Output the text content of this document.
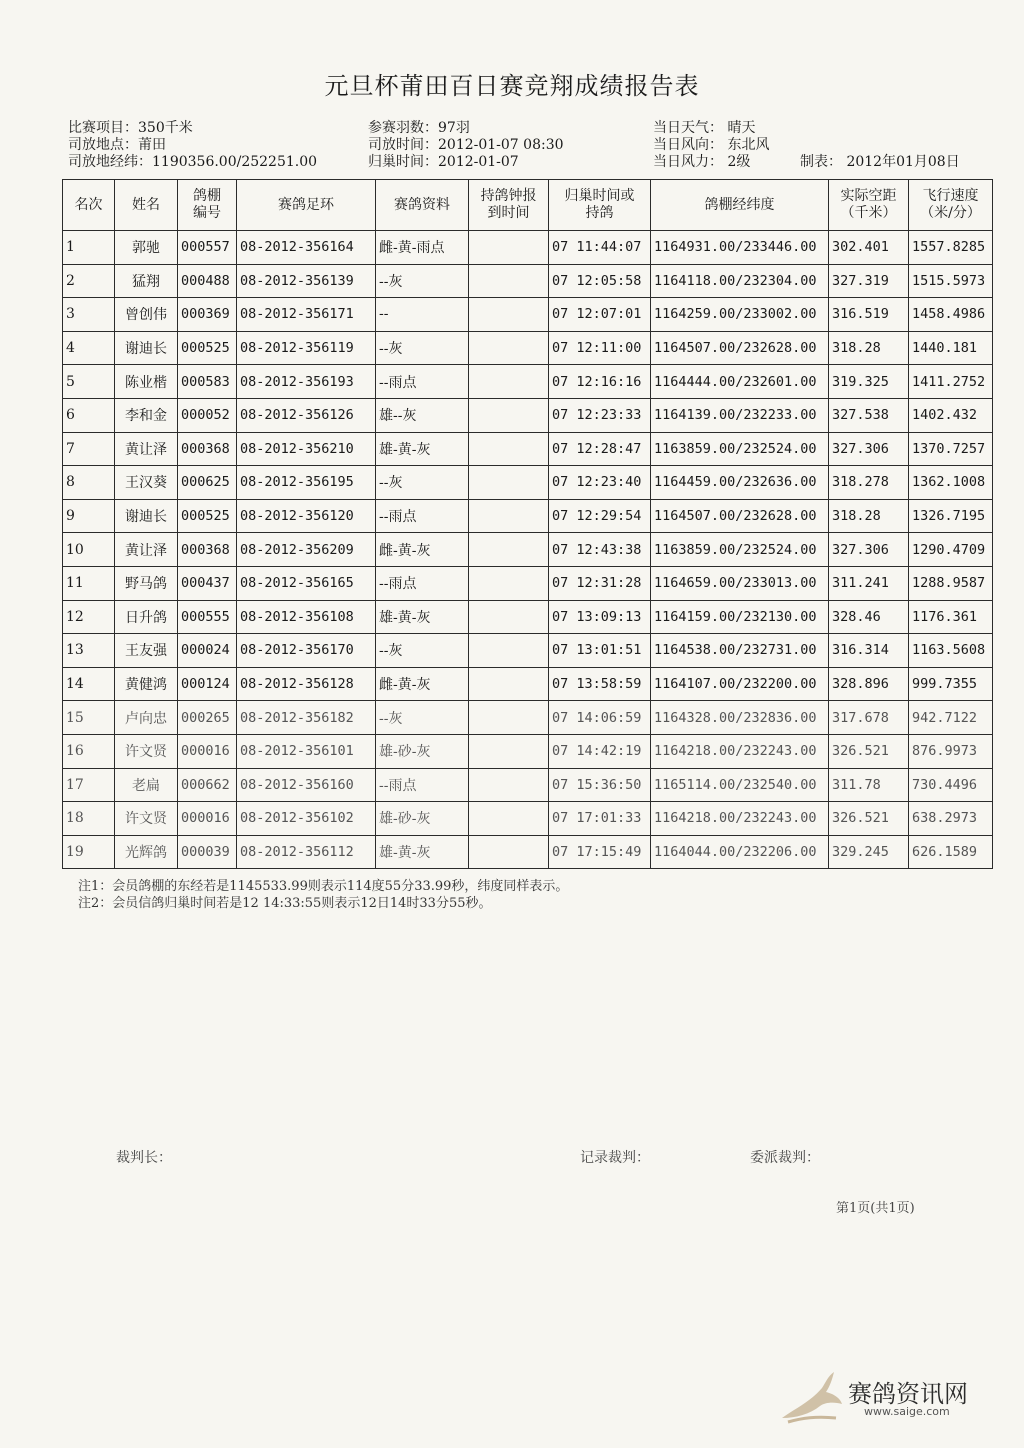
元旦杯莆田百日赛竞翔成绩报告表
比赛项目：350千米
司放地点：莆田
司放地经纬：1190356.00/252251.00
参赛羽数：97羽
司放时间：2012-01-07 08:30
归巢时间：2012-01-07
当日天气： 晴天
当日风向： 东北风
当日风力： 2级	制表： 2012年01月08日
名次	姓名	鸽棚编号	赛鸽足环	赛鸽资料	持鸽钟报到时间	归巢时间或持鸽	鸽棚经纬度	实际空距（千米）	飞行速度（米/分）
1	郭驰	000557	08-2012-356164	雌-黄-雨点		07 11:44:07	1164931.00/233446.00	302.401	1557.8285
2	猛翔	000488	08-2012-356139	--灰		07 12:05:58	1164118.00/232304.00	327.319	1515.5973
3	曾创伟	000369	08-2012-356171	--		07 12:07:01	1164259.00/233002.00	316.519	1458.4986
4	谢迪长	000525	08-2012-356119	--灰		07 12:11:00	1164507.00/232628.00	318.28	1440.181
5	陈业楷	000583	08-2012-356193	--雨点		07 12:16:16	1164444.00/232601.00	319.325	1411.2752
6	李和金	000052	08-2012-356126	雄--灰		07 12:23:33	1164139.00/232233.00	327.538	1402.432
7	黄让泽	000368	08-2012-356210	雄-黄-灰		07 12:28:47	1163859.00/232524.00	327.306	1370.7257
8	王汉葵	000625	08-2012-356195	--灰		07 12:23:40	1164459.00/232636.00	318.278	1362.1008
9	谢迪长	000525	08-2012-356120	--雨点		07 12:29:54	1164507.00/232628.00	318.28	1326.7195
10	黄让泽	000368	08-2012-356209	雌-黄-灰		07 12:43:38	1163859.00/232524.00	327.306	1290.4709
11	野马鸽	000437	08-2012-356165	--雨点		07 12:31:28	1164659.00/233013.00	311.241	1288.9587
12	日升鸽	000555	08-2012-356108	雄-黄-灰		07 13:09:13	1164159.00/232130.00	328.46	1176.361
13	王友强	000024	08-2012-356170	--灰		07 13:01:51	1164538.00/232731.00	316.314	1163.5608
14	黄健鸿	000124	08-2012-356128	雌-黄-灰		07 13:58:59	1164107.00/232200.00	328.896	999.7355
15	卢向忠	000265	08-2012-356182	--灰		07 14:06:59	1164328.00/232836.00	317.678	942.7122
16	许文贤	000016	08-2012-356101	雄-砂-灰		07 14:42:19	1164218.00/232243.00	326.521	876.9973
17	老扁	000662	08-2012-356160	--雨点		07 15:36:50	1165114.00/232540.00	311.78	730.4496
18	许文贤	000016	08-2012-356102	雄-砂-灰		07 17:01:33	1164218.00/232243.00	326.521	638.2973
19	光辉鸽	000039	08-2012-356112	雄-黄-灰		07 17:15:49	1164044.00/232206.00	329.245	626.1589
注1：会员鸽棚的东经若是1145533.99则表示114度55分33.99秒，纬度同样表示。
注2：会员信鸽归巢时间若是12 14:33:55则表示12日14时33分55秒。
裁判长：	记录裁判：	委派裁判：
第1页(共1页)
赛鸽资讯网
www.saige.com
